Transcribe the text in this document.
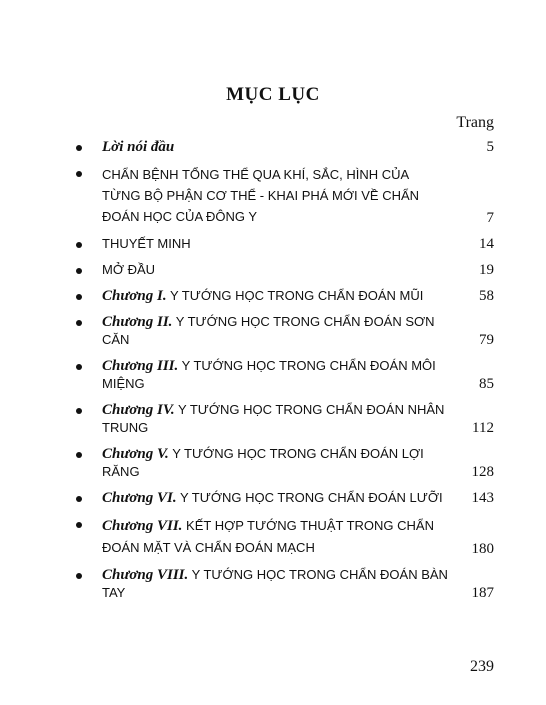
MỤC LỤC
Trang
Lời nói đầu	5
CHẨN BỆNH TỔNG THỂ QUA KHÍ, SẮC, HÌNH CỦA TỪNG BỘ PHẬN CƠ THỂ - KHAI PHÁ MỚI VỀ CHẨN ĐOÁN HỌC CỦA ĐÔNG Y	7
THUYẾT MINH	14
MỞ ĐẦU	19
Chương I. Y TƯỚNG HỌC TRONG CHẨN ĐOÁN MŨI	58
Chương II. Y TƯỚNG HỌC TRONG CHẨN ĐOÁN SƠN CĂN	79
Chương III. Y TƯỚNG HỌC TRONG CHẨN ĐOÁN MÔI MIỆNG	85
Chương IV. Y TƯỚNG HỌC TRONG CHẨN ĐOÁN NHÂN TRUNG	112
Chương V. Y TƯỚNG HỌC TRONG CHẨN ĐOÁN LỢI RĂNG	128
Chương VI. Y TƯỚNG HỌC TRONG CHẨN ĐOÁN LƯỠI	143
Chương VII. KẾT HỢP TƯỚNG THUẬT TRONG CHẨN ĐOÁN MẶT VÀ CHẨN ĐOÁN MẠCH	180
Chương VIII. Y TƯỚNG HỌC TRONG CHẨN ĐOÁN BÀN TAY	187
239
